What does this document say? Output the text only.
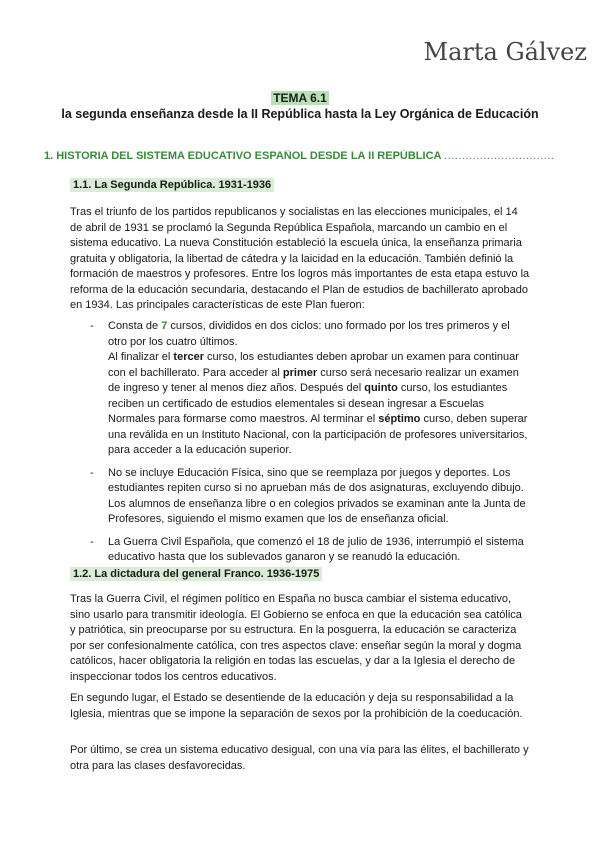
Marta Gálvez
TEMA 6.1
la segunda enseñanza desde la II República hasta la Ley Orgánica de Educación
1. HISTORIA DEL SISTEMA EDUCATIVO ESPAÑOL DESDE LA II REPÚBLICA ...............................
1.1. La Segunda República. 1931-1936

Tras el triunfo de los partidos republicanos y socialistas en las elecciones municipales, el 14 de abril de 1931 se proclamó la Segunda República Española, marcando un cambio en el sistema educativo. La nueva Constitución estableció la escuela única, la enseñanza primaria gratuita y obligatoria, la libertad de cátedra y la laicidad en la educación. También definió la formación de maestros y profesores. Entre los logros más importantes de esta etapa estuvo la reforma de la educación secundaria, destacando el Plan de estudios de bachillerato aprobado en 1934. Las principales características de este Plan fueron:

- Consta de 7 cursos, divididos en dos ciclos: uno formado por los tres primeros y el otro por los cuatro últimos.

Al finalizar el tercer curso, los estudiantes deben aprobar un examen para continuar con el bachillerato. Para acceder al primer curso será necesario realizar un examen de ingreso y tener al menos diez años. Después del quinto curso, los estudiantes reciben un certificado de estudios elementales si desean ingresar a Escuelas Normales para formarse como maestros. Al terminar el séptimo curso, deben superar una reválida en un Instituto Nacional, con la participación de profesores universitarios, para acceder a la educación superior.

- No se incluye Educación Física, sino que se reemplaza por juegos y deportes. Los estudiantes repiten curso si no aprueban más de dos asignaturas, excluyendo dibujo. Los alumnos de enseñanza libre o en colegios privados se examinan ante la Junta de Profesores, siguiendo el mismo examen que los de enseñanza oficial.

- La Guerra Civil Española, que comenzó el 18 de julio de 1936, interrumpió el sistema educativo hasta que los sublevados ganaron y se reanudó la educación.

1.2. La dictadura del general Franco. 1936-1975

Tras la Guerra Civil, el régimen político en España no busca cambiar el sistema educativo, sino usarlo para transmitir ideología. El Gobierno se enfoca en que la educación sea católica y patriótica, sin preocuparse por su estructura. En la posguerra, la educación se caracteriza por ser confesionalmente católica, con tres aspectos clave: enseñar según la moral y dogma católicos, hacer obligatoria la religión en todas las escuelas, y dar a la Iglesia el derecho de inspeccionar todos los centros educativos.

En segundo lugar, el Estado se desentiende de la educación y deja su responsabilidad a la Iglesia, mientras que se impone la separación de sexos por la prohibición de la coeducación.

Por último, se crea un sistema educativo desigual, con una vía para las élites, el bachillerato y otra para las clases desfavorecidas.
